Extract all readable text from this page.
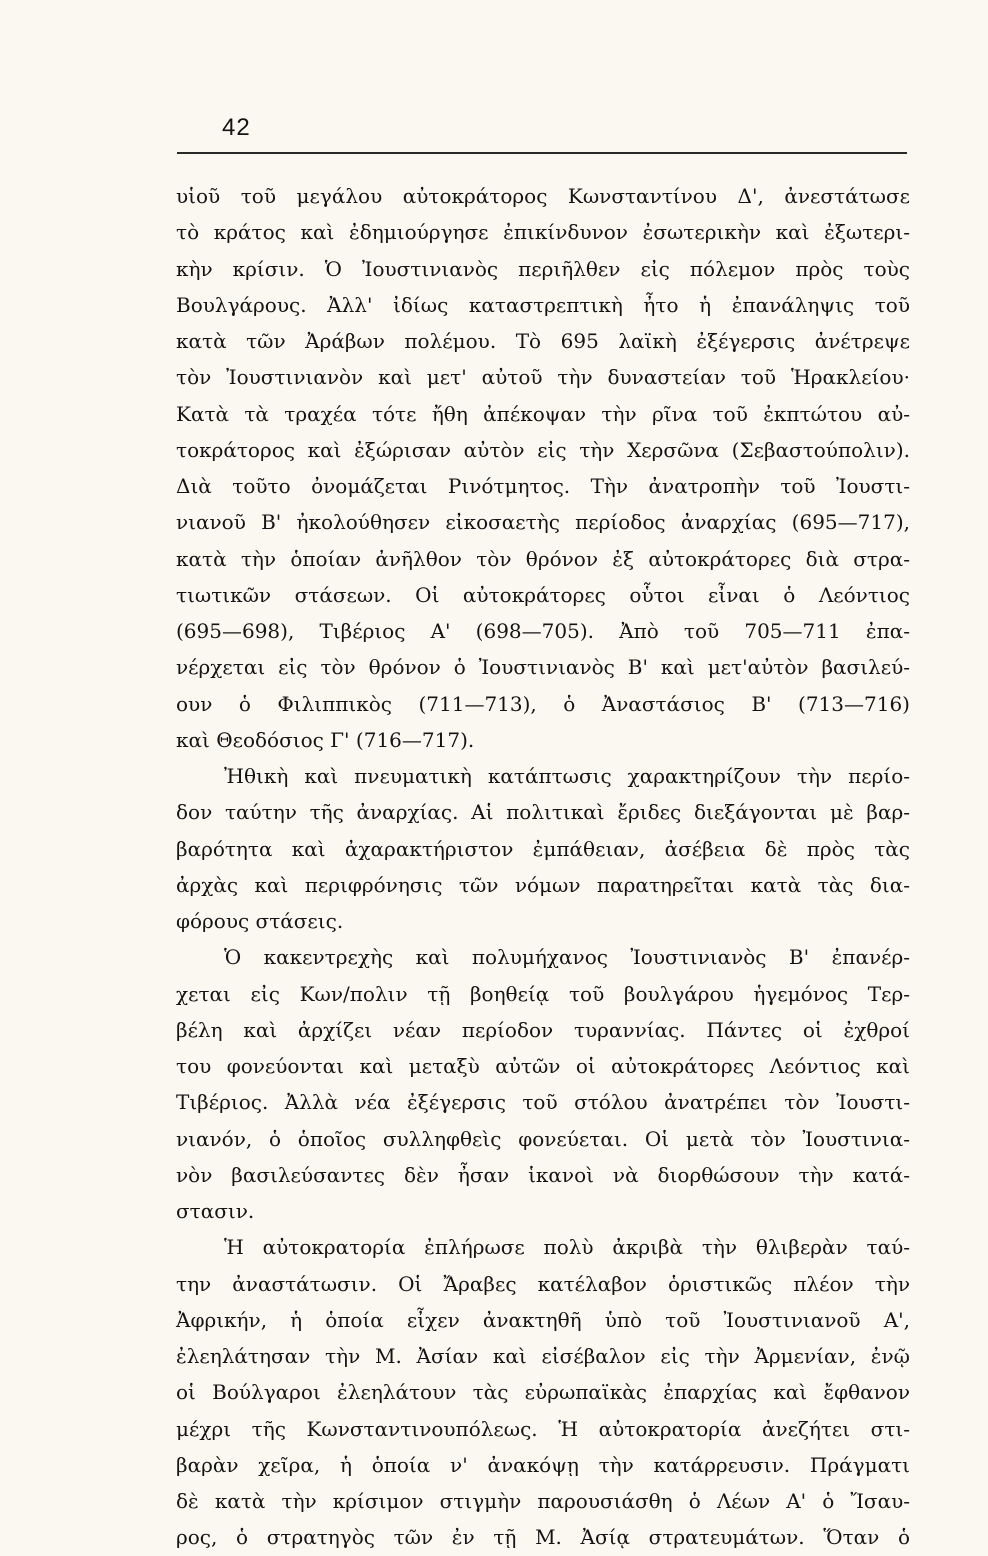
42
υἱοῦ τοῦ μεγάλου αὐτοκράτορος Κωνσταντίνου Δ', ἀνεστάτωσε
τὸ κράτος καὶ ἐδημιούργησε ἐπικίνδυνον ἐσωτερικὴν καὶ ἐξωτερι-
κὴν κρίσιν. Ὁ Ἰουστινιανὸς περιῆλθεν εἰς πόλεμον πρὸς τοὺς
Βουλγάρους. Ἀλλ' ἰδίως καταστρεπτικὴ ἦτο ἡ ἐπανάληψις τοῦ
κατὰ τῶν Ἀράβων πολέμου. Τὸ 695 λαϊκὴ ἐξέγερσις ἀνέτρεψε
τὸν Ἰουστινιανὸν καὶ μετ' αὐτοῦ τὴν δυναστείαν τοῦ Ἡρακλείου·
Κατὰ τὰ τραχέα τότε ἤθη ἀπέκοψαν τὴν ρῖνα τοῦ ἐκπτώτου αὐ-
τοκράτορος καὶ ἐξώρισαν αὐτὸν εἰς τὴν Χερσῶνα (Σεβαστούπολιν).
Διὰ τοῦτο ὀνομάζεται Ρινότμητος. Τὴν ἀνατροπὴν τοῦ Ἰουστι-
νιανοῦ Β' ἠκολούθησεν εἰκοσαετὴς περίοδος ἀναρχίας (695—717),
κατὰ τὴν ὁποίαν ἀνῆλθον τὸν θρόνον ἐξ αὐτοκράτορες διὰ στρα-
τιωτικῶν στάσεων. Οἱ αὐτοκράτορες οὗτοι εἶναι ὁ Λεόντιος
(695—698), Τιβέριος Α' (698—705). Ἀπὸ τοῦ 705—711 ἐπα-
νέρχεται εἰς τὸν θρόνον ὁ Ἰουστινιανὸς Β' καὶ μετ'αὐτὸν βασιλεύ-
ουν ὁ Φιλιππικὸς (711—713), ὁ Ἀναστάσιος Β' (713—716)
καὶ Θεοδόσιος Γ' (716—717).
Ἠθικὴ καὶ πνευματικὴ κατάπτωσις χαρακτηρίζουν τὴν περίο-
δον ταύτην τῆς ἀναρχίας. Αἱ πολιτικαὶ ἔριδες διεξάγονται μὲ βαρ-
βαρότητα καὶ ἀχαρακτήριστον ἐμπάθειαν, ἀσέβεια δὲ πρὸς τὰς
ἀρχὰς καὶ περιφρόνησις τῶν νόμων παρατηρεῖται κατὰ τὰς δια-
φόρους στάσεις.
Ὁ κακεντρεχὴς καὶ πολυμήχανος Ἰουστινιανὸς Β' ἐπανέρ-
χεται εἰς Κων/πολιν τῇ βοηθείᾳ τοῦ βουλγάρου ἡγεμόνος Τερ-
βέλη καὶ ἀρχίζει νέαν περίοδον τυραννίας. Πάντες οἱ ἐχθροί
του φονεύονται καὶ μεταξὺ αὐτῶν οἱ αὐτοκράτορες Λεόντιος καὶ
Τιβέριος. Ἀλλὰ νέα ἐξέγερσις τοῦ στόλου ἀνατρέπει τὸν Ἰουστι-
νιανόν, ὁ ὁποῖος συλληφθεὶς φονεύεται. Οἱ μετὰ τὸν Ἰουστινια-
νὸν βασιλεύσαντες δὲν ἦσαν ἱκανοὶ νὰ διορθώσουν τὴν κατά-
στασιν.
Ἡ αὐτοκρατορία ἐπλήρωσε πολὺ ἀκριβὰ τὴν θλιβερὰν ταύ-
την ἀναστάτωσιν. Οἱ Ἄραβες κατέλαβον ὁριστικῶς πλέον τὴν
Ἀφρικήν, ἡ ὁποία εἶχεν ἀνακτηθῆ ὑπὸ τοῦ Ἰουστινιανοῦ Α',
ἐλεηλάτησαν τὴν Μ. Ἀσίαν καὶ εἰσέβαλον εἰς τὴν Ἀρμενίαν, ἐνῷ
οἱ Βούλγαροι ἐλεηλάτουν τὰς εὐρωπαϊκὰς ἐπαρχίας καὶ ἔφθανον
μέχρι τῆς Κωνσταντινουπόλεως. Ἡ αὐτοκρατορία ἀνεζήτει στι-
βαρὰν χεῖρα, ἡ ὁποία ν' ἀνακόψῃ τὴν κατάρρευσιν. Πράγματι
δὲ κατὰ τὴν κρίσιμον στιγμὴν παρουσιάσθη ὁ Λέων Α' ὁ Ἴσαυ-
ρος, ὁ στρατηγὸς τῶν ἐν τῇ Μ. Ἀσίᾳ στρατευμάτων. Ὅταν ὁ
